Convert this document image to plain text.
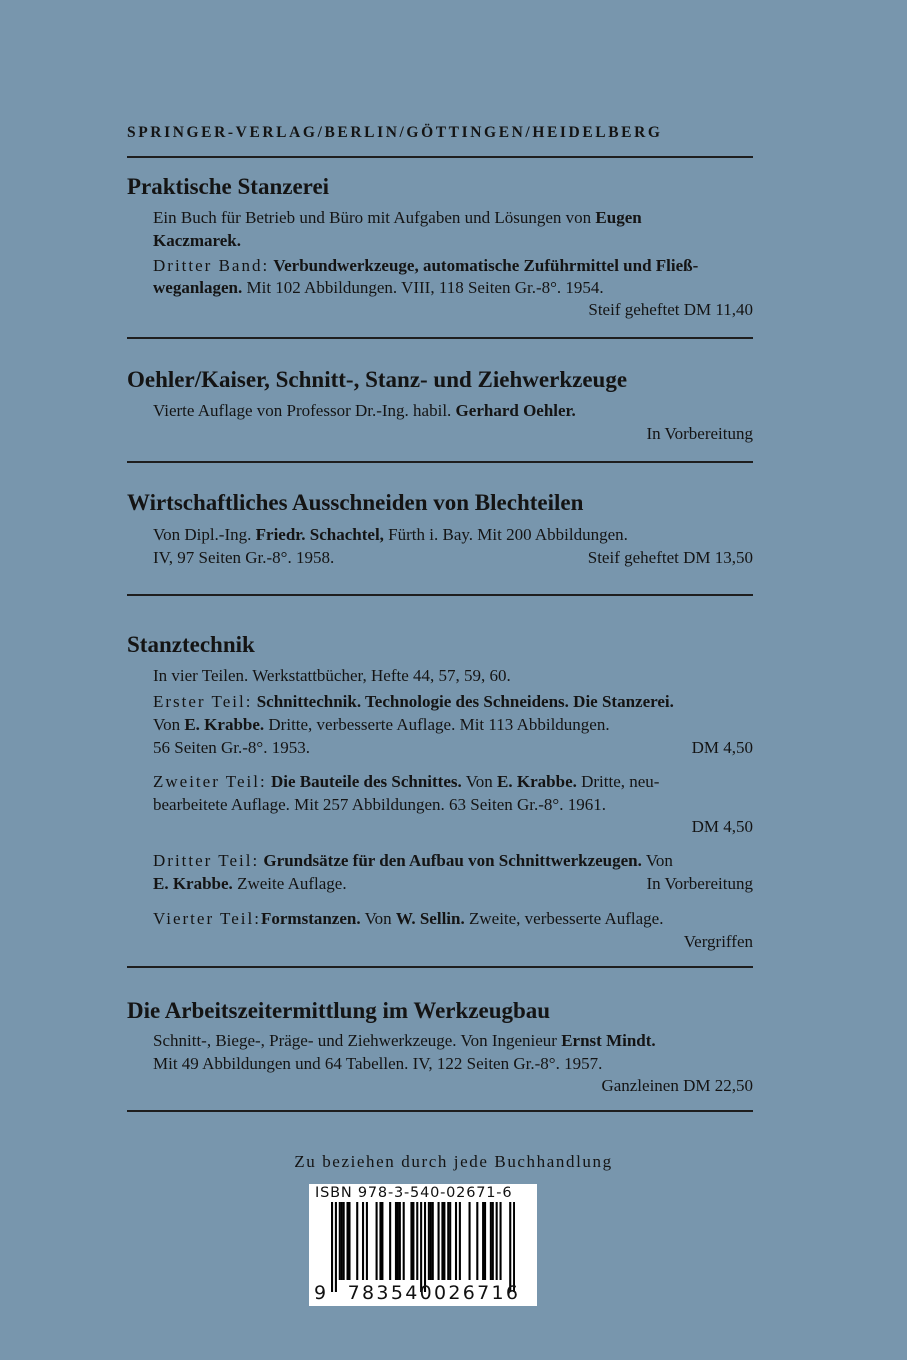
SPRINGER-VERLAG/BERLIN/GÖTTINGEN/HEIDELBERG
Praktische Stanzerei
Ein Buch für Betrieb und Büro mit Aufgaben und Lösungen von Eugen
Kaczmarek.
Dritter Band: Verbundwerkzeuge, automatische Zuführmittel und Fließ-
weganlagen. Mit 102 Abbildungen. VIII, 118 Seiten Gr.-8°. 1954.
Steif geheftet DM 11,40
Oehler/Kaiser, Schnitt-, Stanz- und Ziehwerkzeuge
Vierte Auflage von Professor Dr.-Ing. habil. Gerhard Oehler.
In Vorbereitung
Wirtschaftliches Ausschneiden von Blechteilen
Von Dipl.-Ing. Friedr. Schachtel, Fürth i. Bay. Mit 200 Abbildungen.
IV, 97 Seiten Gr.-8°. 1958.	Steif geheftet DM 13,50
Stanztechnik
In vier Teilen. Werkstattbücher, Hefte 44, 57, 59, 60.
Erster Teil: Schnittechnik. Technologie des Schneidens. Die Stanzerei.
Von E. Krabbe. Dritte, verbesserte Auflage. Mit 113 Abbildungen.
56 Seiten Gr.-8°. 1953.	DM 4,50
Zweiter Teil: Die Bauteile des Schnittes. Von E. Krabbe. Dritte, neu-
bearbeitete Auflage. Mit 257 Abbildungen. 63 Seiten Gr.-8°. 1961.
DM 4,50
Dritter Teil: Grundsätze für den Aufbau von Schnittwerkzeugen. Von
E. Krabbe. Zweite Auflage.	In Vorbereitung
Vierter Teil:Formstanzen. Von W. Sellin. Zweite, verbesserte Auflage.
Vergriffen
Die Arbeitszeitermittlung im Werkzeugbau
Schnitt-, Biege-, Präge- und Ziehwerkzeuge. Von Ingenieur Ernst Mindt.
Mit 49 Abbildungen und 64 Tabellen. IV, 122 Seiten Gr.-8°. 1957.
Ganzleinen DM 22,50
Zu beziehen durch jede Buchhandlung
ISBN 978-3-540-02671-6
9	783540026716
